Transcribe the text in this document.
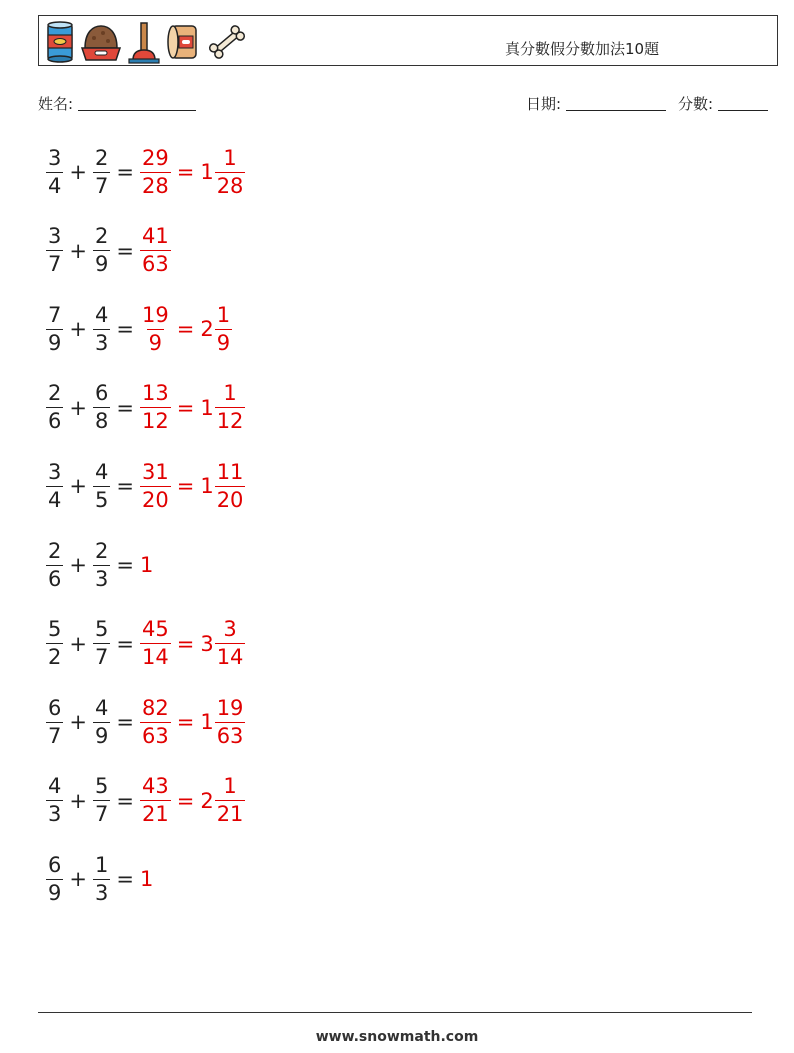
真分數假分數加法10題
姓名:	日期:	分數:
$\frac{3}{4} + \frac{2}{7} = \frac{29}{28} = 1 \frac{1}{28}$
$\frac{3}{7} + \frac{2}{9} = \frac{41}{63}$
$\frac{7}{9} + \frac{4}{3} = \frac{19}{9} = 2 \frac{1}{9}$
$\frac{2}{6} + \frac{6}{8} = \frac{13}{12} = 1 \frac{1}{12}$
$\frac{3}{4} + \frac{4}{5} = \frac{31}{20} = 1 \frac{11}{20}$
$\frac{2}{6} + \frac{2}{3} = 1$
$\frac{5}{2} + \frac{5}{7} = \frac{45}{14} = 3 \frac{3}{14}$
$\frac{6}{7} + \frac{4}{9} = \frac{82}{63} = 1 \frac{19}{63}$
$\frac{4}{3} + \frac{5}{7} = \frac{43}{21} = 2 \frac{1}{21}$
$\frac{6}{9} + \frac{1}{3} = 1$
www.snowmath.com
